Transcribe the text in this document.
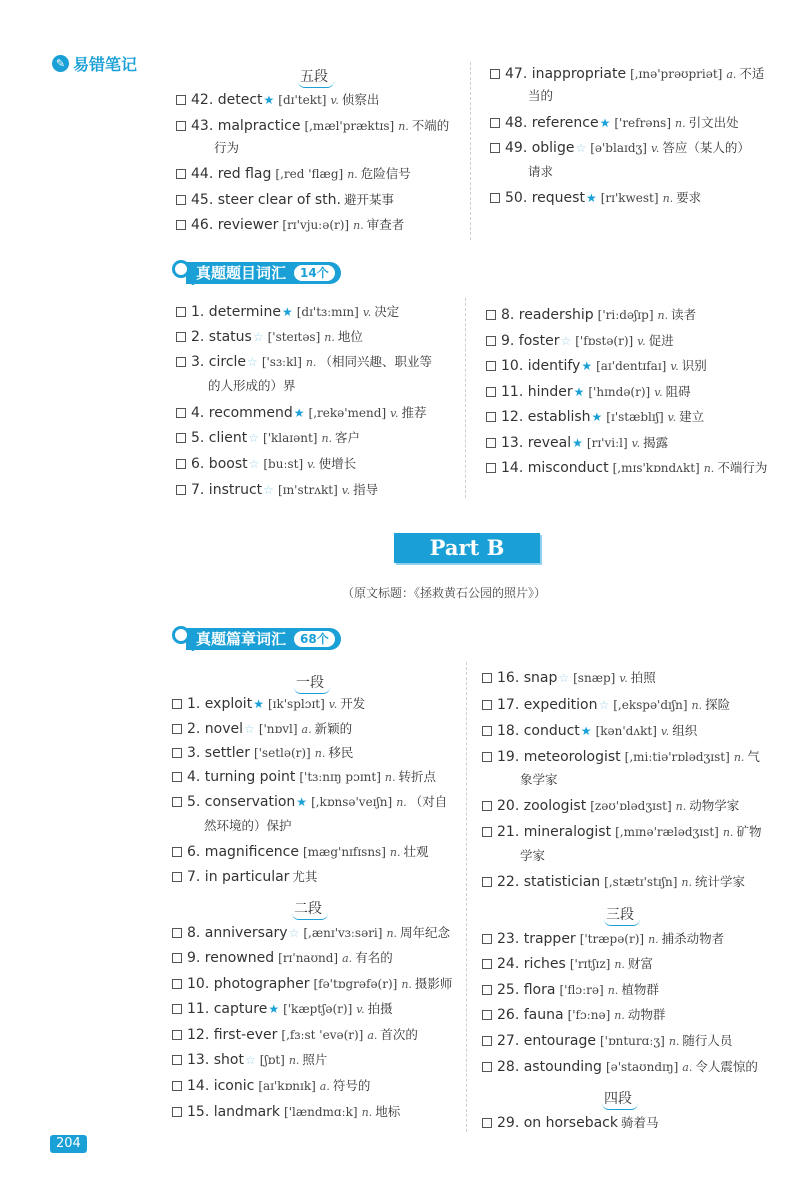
✎ 易错笔记
五段
42. detect★ [dɪ'tekt] v. 侦察出
43. malpractice [,mæl'præktɪs] n. 不端的
行为
44. red flag [,red 'flæg] n. 危险信号
45. steer clear of sth. 避开某事
46. reviewer [rɪ'vjuːə(r)] n. 审查者
47. inappropriate [,ɪnə'prəʊpriət] a. 不适
当的
48. reference★ ['refrəns] n. 引文出处
49. oblige☆ [ə'blaɪdʒ] v. 答应（某人的）
请求
50. request★ [rɪ'kwest] n. 要求
真题题目词汇	14个
1. determine★ [dɪ'tɜːmɪn] v. 决定
2. status☆ ['steɪtəs] n. 地位
3. circle☆ ['sɜːkl] n. （相同兴趣、职业等
的人形成的）界
4. recommend★ [,rekə'mend] v. 推荐
5. client☆ ['klaɪənt] n. 客户
6. boost☆ [buːst] v. 使增长
7. instruct☆ [ɪn'strʌkt] v. 指导
8. readership ['riːdəʃɪp] n. 读者
9. foster☆ ['fɒstə(r)] v. 促进
10. identify★ [aɪ'dentɪfaɪ] v. 识别
11. hinder★ ['hɪndə(r)] v. 阻碍
12. establish★ [ɪ'stæblɪʃ] v. 建立
13. reveal★ [rɪ'viːl] v. 揭露
14. misconduct [,mɪs'kɒndʌkt] n. 不端行为
Part B
（原文标题：《拯救黄石公园的照片》）
真题篇章词汇	68个
一段
1. exploit★ [ɪk'splɔɪt] v. 开发
2. novel☆ ['nɒvl] a. 新颖的
3. settler ['setlə(r)] n. 移民
4. turning point ['tɜːnɪŋ pɔɪnt] n. 转折点
5. conservation★ [,kɒnsə'veɪʃn] n. （对自
然环境的）保护
6. magnificence [mæg'nɪfɪsns] n. 壮观
7. in particular 尤其
二段
8. anniversary☆ [,ænɪ'vɜːsəri] n. 周年纪念
9. renowned [rɪ'naʊnd] a. 有名的
10. photographer [fə'tɒgrəfə(r)] n. 摄影师
11. capture★ ['kæptʃə(r)] v. 拍摄
12. first-ever [,fɜːst 'evə(r)] a. 首次的
13. shot☆ [ʃɒt] n. 照片
14. iconic [aɪ'kɒnɪk] a. 符号的
15. landmark ['lændmɑːk] n. 地标
16. snap☆ [snæp] v. 拍照
17. expedition☆ [,ekspə'dɪʃn] n. 探险
18. conduct★ [kən'dʌkt] v. 组织
19. meteorologist [,miːtiə'rɒlədʒɪst] n. 气
象学家
20. zoologist [zəʊ'ɒlədʒɪst] n. 动物学家
21. mineralogist [,mɪnə'rælədʒɪst] n. 矿物
学家
22. statistician [,stætɪ'stɪʃn] n. 统计学家
三段
23. trapper ['træpə(r)] n. 捕杀动物者
24. riches ['rɪtʃɪz] n. 财富
25. flora ['flɔːrə] n. 植物群
26. fauna ['fɔːnə] n. 动物群
27. entourage ['ɒnturɑːʒ] n. 随行人员
28. astounding [ə'staʊndɪŋ] a. 令人震惊的
四段
29. on horseback 骑着马
204
